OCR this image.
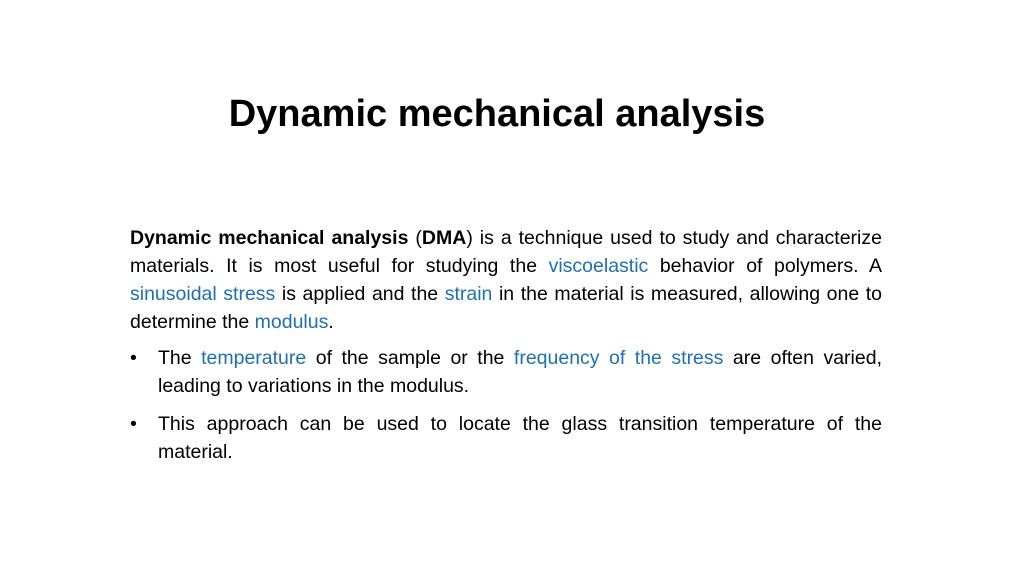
Dynamic mechanical analysis

Dynamic mechanical analysis (DMA) is a technique used to study and characterize materials. It is most useful for studying the viscoelastic behavior of polymers. A sinusoidal stress is applied and the strain in the material is measured, allowing one to determine the modulus.

•	The temperature of the sample or the frequency of the stress are often varied, leading to variations in the modulus.
•	This approach can be used to locate the glass transition temperature of the material.
